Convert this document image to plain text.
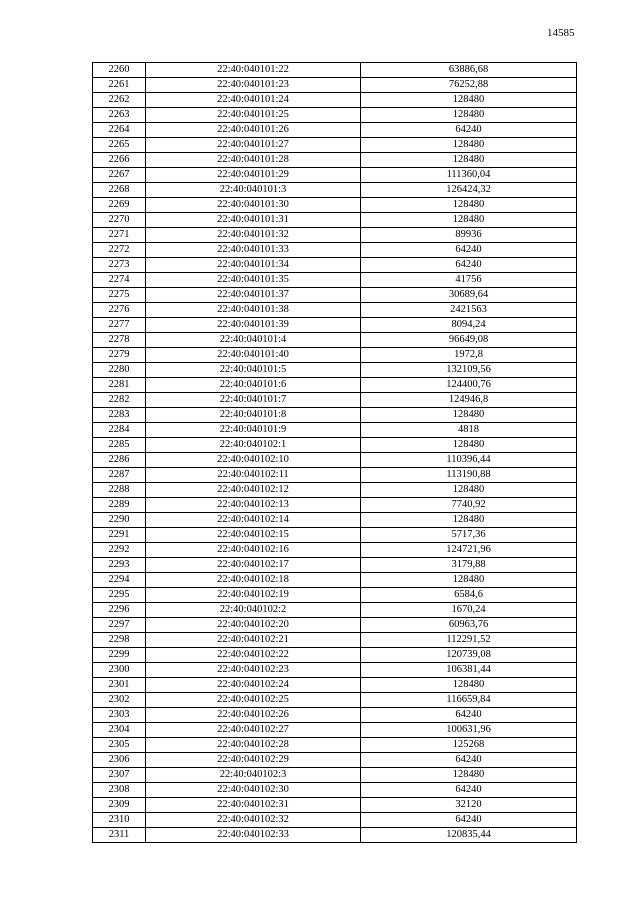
14585
2260	22:40:040101:22	63886,68
2261	22:40:040101:23	76252,88
2262	22:40:040101:24	128480
2263	22:40:040101:25	128480
2264	22:40:040101:26	64240
2265	22:40:040101:27	128480
2266	22:40:040101:28	128480
2267	22:40:040101:29	111360,04
2268	22:40:040101:3	126424,32
2269	22:40:040101:30	128480
2270	22:40:040101:31	128480
2271	22:40:040101:32	89936
2272	22:40:040101:33	64240
2273	22:40:040101:34	64240
2274	22:40:040101:35	41756
2275	22:40:040101:37	30689,64
2276	22:40:040101:38	2421563
2277	22:40:040101:39	8094,24
2278	22:40:040101:4	96649,08
2279	22:40:040101:40	1972,8
2280	22:40:040101:5	132109,56
2281	22:40:040101:6	124400,76
2282	22:40:040101:7	124946,8
2283	22:40:040101:8	128480
2284	22:40:040101:9	4818
2285	22:40:040102:1	128480
2286	22:40:040102:10	110396,44
2287	22:40:040102:11	113190,88
2288	22:40:040102:12	128480
2289	22:40:040102:13	7740,92
2290	22:40:040102:14	128480
2291	22:40:040102:15	5717,36
2292	22:40:040102:16	124721,96
2293	22:40:040102:17	3179,88
2294	22:40:040102:18	128480
2295	22:40:040102:19	6584,6
2296	22:40:040102:2	1670,24
2297	22:40:040102:20	60963,76
2298	22:40:040102:21	112291,52
2299	22:40:040102:22	120739,08
2300	22:40:040102:23	106381,44
2301	22:40:040102:24	128480
2302	22:40:040102:25	116659,84
2303	22:40:040102:26	64240
2304	22:40:040102:27	100631,96
2305	22:40:040102:28	125268
2306	22:40:040102:29	64240
2307	22:40:040102:3	128480
2308	22:40:040102:30	64240
2309	22:40:040102:31	32120
2310	22:40:040102:32	64240
2311	22:40:040102:33	120835,44
